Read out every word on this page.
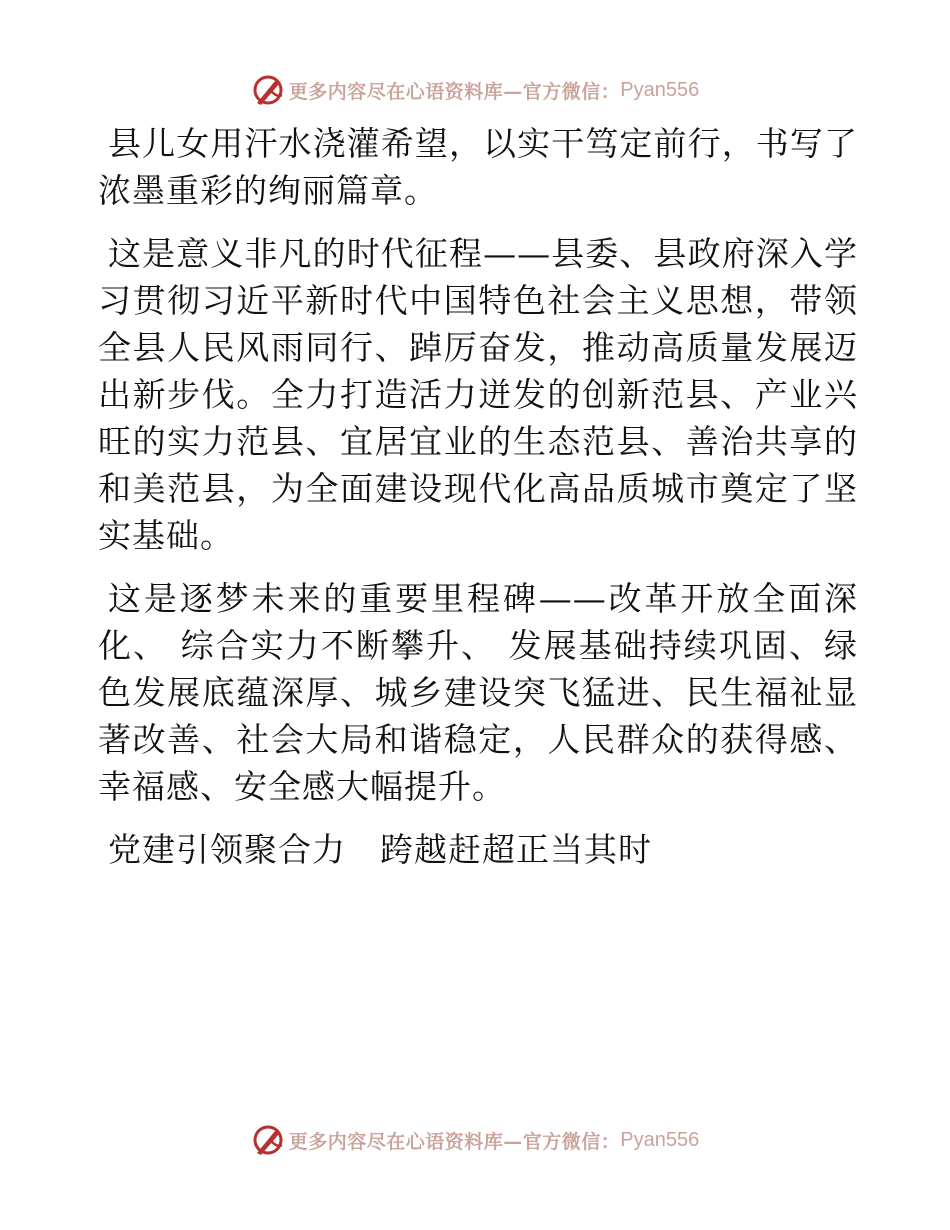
更多内容尽在心语资料库—官方微信： Pyan556

县儿女用汗水浇灌希望，以实干笃定前行，书写了浓墨重彩的绚丽篇章。

这是意义非凡的时代征程——县委、县政府深入学习贯彻习近平新时代中国特色社会主义思想，带领全县人民风雨同行、踔厉奋发，推动高质量发展迈出新步伐。全力打造活力迸发的创新范县、产业兴旺的实力范县、宜居宜业的生态范县、善治共享的和美范县，为全面建设现代化高品质城市奠定了坚实基础。

这是逐梦未来的重要里程碑——改革开放全面深化、 综合实力不断攀升、 发展基础持续巩固、绿色发展底蕴深厚、城乡建设突飞猛进、民生福祉显著改善、社会大局和谐稳定，人民群众的获得感、幸福感、安全感大幅提升。

党建引领聚合力　跨越赶超正当其时

更多内容尽在心语资料库—官方微信： Pyan556
